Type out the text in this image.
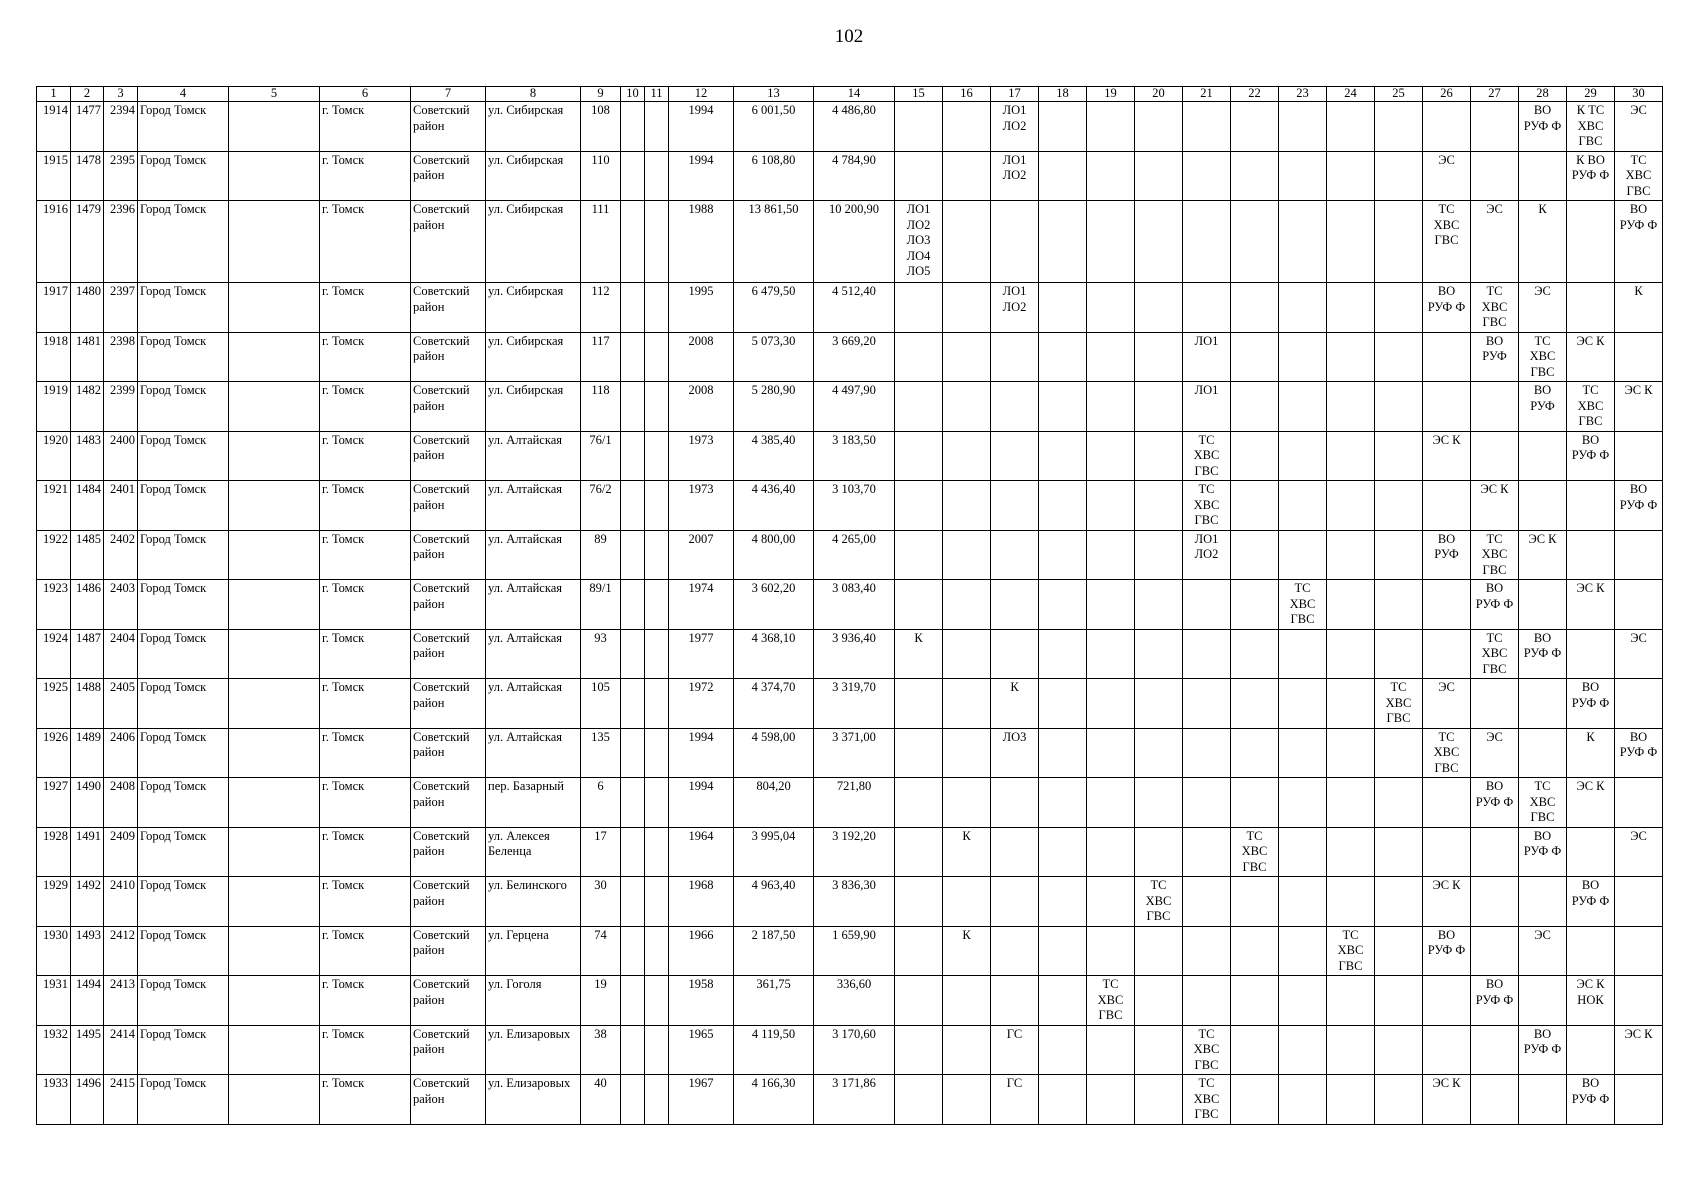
102
1	2	3	4	5	6	7	8	9	10	11	12	13	14	15	16	17	18	19	20	21	22	23	24	25	26	27	28	29	30
1914	1477	2394	Город Томск		г. Томск	Советский район	ул. Сибирская	108			1994	6 001,50	4 486,80			ЛО1
ЛО2											ВО
РУФ Ф	К ТС
ХВС
ГВС	ЭС
1915	1478	2395	Город Томск		г. Томск	Советский район	ул. Сибирская	110			1994	6 108,80	4 784,90			ЛО1
ЛО2									ЭС			К ВО
РУФ Ф	ТС
ХВС
ГВС

1916	1479	2396	Город Томск		г. Томск	Советский район	ул. Сибирская	111			1988	13 861,50	10 200,90	ЛО1
ЛО2
ЛО3
ЛО4
ЛО5											ТС
ХВС
ГВС	ЭС	К		ВО
РУФ Ф

1917	1480	2397	Город Томск		г. Томск	Советский район	ул. Сибирская	112			1995	6 479,50	4 512,40			ЛО1
ЛО2									ВО
РУФ Ф	ТС
ХВС
ГВС	ЭС		К
1918	1481	2398	Город Томск		г. Томск	Советский район	ул. Сибирская	117			2008	5 073,30	3 669,20							ЛО1						ВО
РУФ	ТС
ХВС
ГВС	ЭС К	

1919	1482	2399	Город Томск		г. Томск	Советский район	ул. Сибирская	118			2008	5 280,90	4 497,90							ЛО1							ВО
РУФ	ТС
ХВС
ГВС	ЭС К

1920	1483	2400	Город Томск		г. Томск	Советский район	ул. Алтайская	76/1			1973	4 385,40	3 183,50							ТС
ХВС
ГВС					ЭС К			ВО
РУФ Ф	

1921	1484	2401	Город Томск		г. Томск	Советский район	ул. Алтайская	76/2			1973	4 436,40	3 103,70							ТС
ХВС
ГВС						ЭС К			ВО
РУФ Ф

1922	1485	2402	Город Томск		г. Томск	Советский район	ул. Алтайская	89			2007	4 800,00	4 265,00							ЛО1
ЛО2					ВО
РУФ	ТС
ХВС
ГВС	ЭС К		

1923	1486	2403	Город Томск		г. Томск	Советский район	ул. Алтайская	89/1			1974	3 602,20	3 083,40									ТС
ХВС
ГВС				ВО
РУФ Ф		ЭС К	

1924	1487	2404	Город Томск		г. Томск	Советский район	ул. Алтайская	93			1977	4 368,10	3 936,40	К												ТС
ХВС
ГВС	ВО
РУФ Ф		ЭС
1925	1488	2405	Город Томск		г. Томск	Советский район	ул. Алтайская	105			1972	4 374,70	3 319,70			К								ТС
ХВС
ГВС	ЭС			ВО
РУФ Ф	

1926	1489	2406	Город Томск		г. Томск	Советский район	ул. Алтайская	135			1994	4 598,00	3 371,00			ЛО3									ТС
ХВС
ГВС	ЭС		К	ВО
РУФ Ф

1927	1490	2408	Город Томск		г. Томск	Советский район	пер. Базарный	6			1994	804,20	721,80													ВО
РУФ Ф	ТС
ХВС
ГВС	ЭС К	

1928	1491	2409	Город Томск		г. Томск	Советский район	ул. Алексея Беленца	17			1964	3 995,04	3 192,20		К						ТС
ХВС
ГВС						ВО
РУФ Ф		ЭС
1929	1492	2410	Город Томск		г. Томск	Советский район	ул. Белинского	30			1968	4 963,40	3 836,30						ТС
ХВС
ГВС						ЭС К			ВО
РУФ Ф	

1930	1493	2412	Город Томск		г. Томск	Советский район	ул. Герцена	74			1966	2 187,50	1 659,90		К								ТС
ХВС
ГВС		ВО
РУФ Ф		ЭС		
1931	1494	2413	Город Томск		г. Томск	Советский район	ул. Гоголя	19			1958	361,75	336,60					ТС
ХВС
ГВС								ВО
РУФ Ф		ЭС К
НОК	

1932	1495	2414	Город Томск		г. Томск	Советский район	ул. Елизаровых	38			1965	4 119,50	3 170,60			ГС				ТС
ХВС
ГВС							ВО
РУФ Ф		ЭС К

1933	1496	2415	Город Томск		г. Томск	Советский район	ул. Елизаровых	40			1967	4 166,30	3 171,86			ГС				ТС
ХВС
ГВС					ЭС К			ВО
РУФ Ф	
